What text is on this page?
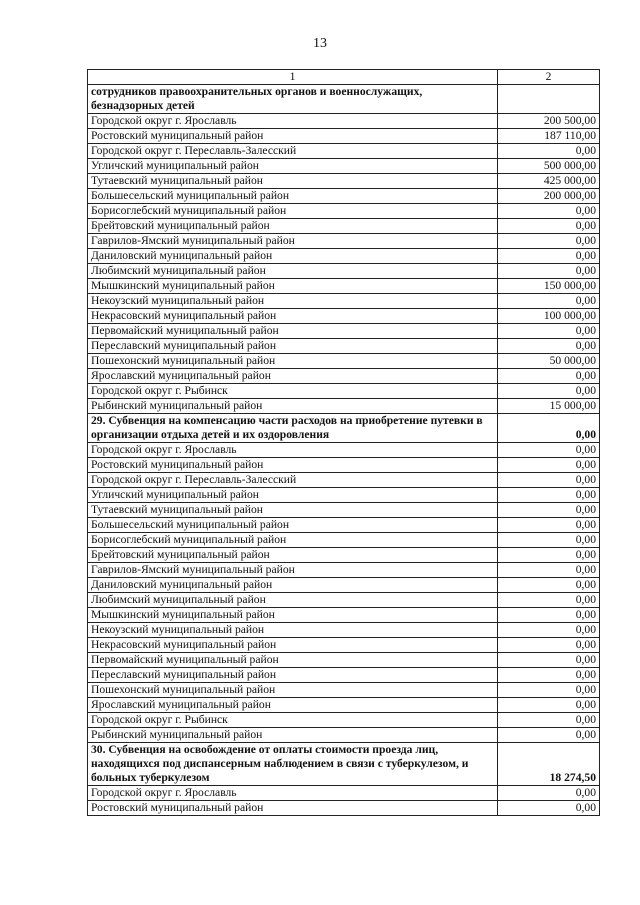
13
1	2
сотрудников правоохранительных органов и военнослужащих, безнадзорных детей	
Городской округ г. Ярославль	200 500,00
Ростовский муниципальный район	187 110,00
Городской округ г. Переславль-Залесский	0,00
Угличский муниципальный район	500 000,00
Тутаевский муниципальный район	425 000,00
Большесельский муниципальный район	200 000,00
Борисоглебский муниципальный район	0,00
Брейтовский муниципальный район	0,00
Гаврилов-Ямский муниципальный район	0,00
Даниловский муниципальный район	0,00
Любимский муниципальный район	0,00
Мышкинский муниципальный район	150 000,00
Некоузский муниципальный район	0,00
Некрасовский муниципальный район	100 000,00
Первомайский муниципальный район	0,00
Переславский муниципальный район	0,00
Пошехонский муниципальный район	50 000,00
Ярославский муниципальный район	0,00
Городской округ г. Рыбинск	0,00
Рыбинский муниципальный район	15 000,00
29. Субвенция на компенсацию части расходов на приобретение путевки в организации отдыха детей и их оздоровления	0,00
Городской округ г. Ярославль	0,00
Ростовский муниципальный район	0,00
Городской округ г. Переславль-Залесский	0,00
Угличский муниципальный район	0,00
Тутаевский муниципальный район	0,00
Большесельский муниципальный район	0,00
Борисоглебский муниципальный район	0,00
Брейтовский муниципальный район	0,00
Гаврилов-Ямский муниципальный район	0,00
Даниловский муниципальный район	0,00
Любимский муниципальный район	0,00
Мышкинский муниципальный район	0,00
Некоузский муниципальный район	0,00
Некрасовский муниципальный район	0,00
Первомайский муниципальный район	0,00
Переславский муниципальный район	0,00
Пошехонский муниципальный район	0,00
Ярославский муниципальный район	0,00
Городской округ г. Рыбинск	0,00
Рыбинский муниципальный район	0,00
30. Субвенция на освобождение от оплаты стоимости проезда лиц, находящихся под диспансерным наблюдением в связи с туберкулезом, и больных туберкулезом	18 274,50
Городской округ г. Ярославль	0,00
Ростовский муниципальный район	0,00
